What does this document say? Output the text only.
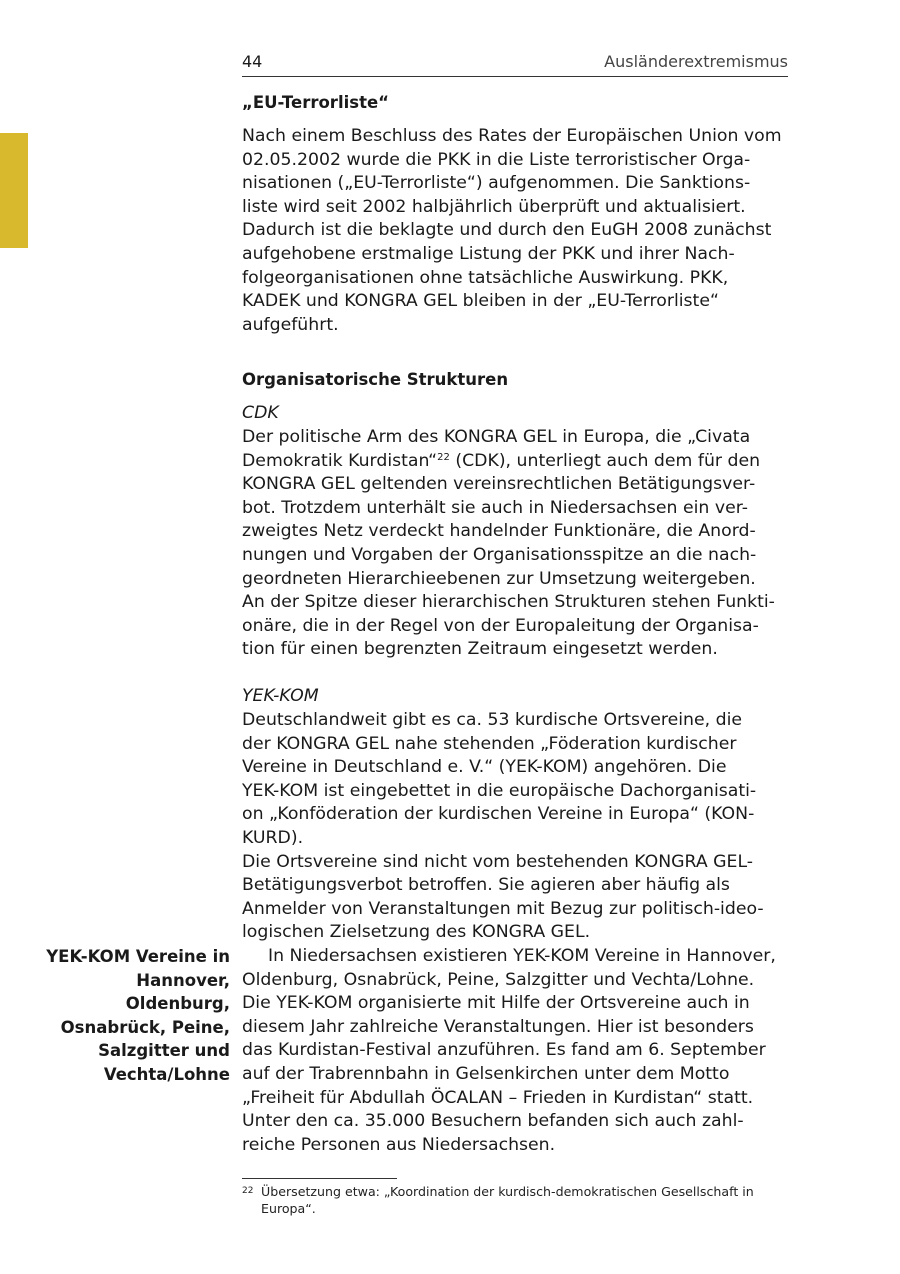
44	Ausländerextremismus
„EU-Terrorliste“
Nach einem Beschluss des Rates der Europäischen Union vom
02.05.2002 wurde die PKK in die Liste terroristischer Orga-
nisationen („EU-Terrorliste“) aufgenommen. Die Sanktions-
liste wird seit 2002 halbjährlich überprüft und aktualisiert.
Dadurch ist die beklagte und durch den EuGH 2008 zunächst
aufgehobene erstmalige Listung der PKK und ihrer Nach-
folgeorganisationen ohne tatsächliche Auswirkung. PKK,
KADEK und KONGRA GEL bleiben in der „EU-Terrorliste“
aufgeführt.
Organisatorische Strukturen
CDK
Der politische Arm des KONGRA GEL in Europa, die „Civata
Demokratik Kurdistan“$^{22}$ (CDK), unterliegt auch dem für den
KONGRA GEL geltenden vereinsrechtlichen Betätigungsver-
bot. Trotzdem unterhält sie auch in Niedersachsen ein ver-
zweigtes Netz verdeckt handelnder Funktionäre, die Anord-
nungen und Vorgaben der Organisationsspitze an die nach-
geordneten Hierarchieebenen zur Umsetzung weitergeben.
An der Spitze dieser hierarchischen Strukturen stehen Funkti-
onäre, die in der Regel von der Europaleitung der Organisa-
tion für einen begrenzten Zeitraum eingesetzt werden.
YEK-KOM
Deutschlandweit gibt es ca. 53 kurdische Ortsvereine, die
der KONGRA GEL nahe stehenden „Föderation kurdischer
Vereine in Deutschland e. V.“ (YEK-KOM) angehören. Die
YEK-KOM ist eingebettet in die europäische Dachorganisati-
on „Konföderation der kurdischen Vereine in Europa“ (KON-
KURD).
Die Ortsvereine sind nicht vom bestehenden KONGRA GEL-
Betätigungsverbot betroffen. Sie agieren aber häufig als
Anmelder von Veranstaltungen mit Bezug zur politisch-ideo-
logischen Zielsetzung des KONGRA GEL.
In Niedersachsen existieren YEK-KOM Vereine in Hannover,
Oldenburg, Osnabrück, Peine, Salzgitter und Vechta/Lohne.
Die YEK-KOM organisierte mit Hilfe der Ortsvereine auch in
diesem Jahr zahlreiche Veranstaltungen. Hier ist besonders
das Kurdistan-Festival anzuführen. Es fand am 6. September
auf der Trabrennbahn in Gelsenkirchen unter dem Motto
„Freiheit für Abdullah ÖCALAN – Frieden in Kurdistan“ statt.
Unter den ca. 35.000 Besuchern befanden sich auch zahl-
reiche Personen aus Niedersachsen.
YEK-KOM Vereine in
Hannover,
Oldenburg,
Osnabrück, Peine,
Salzgitter und
Vechta/Lohne
22 Übersetzung etwa: „Koordination der kurdisch-demokratischen Gesellschaft in
Europa“.
